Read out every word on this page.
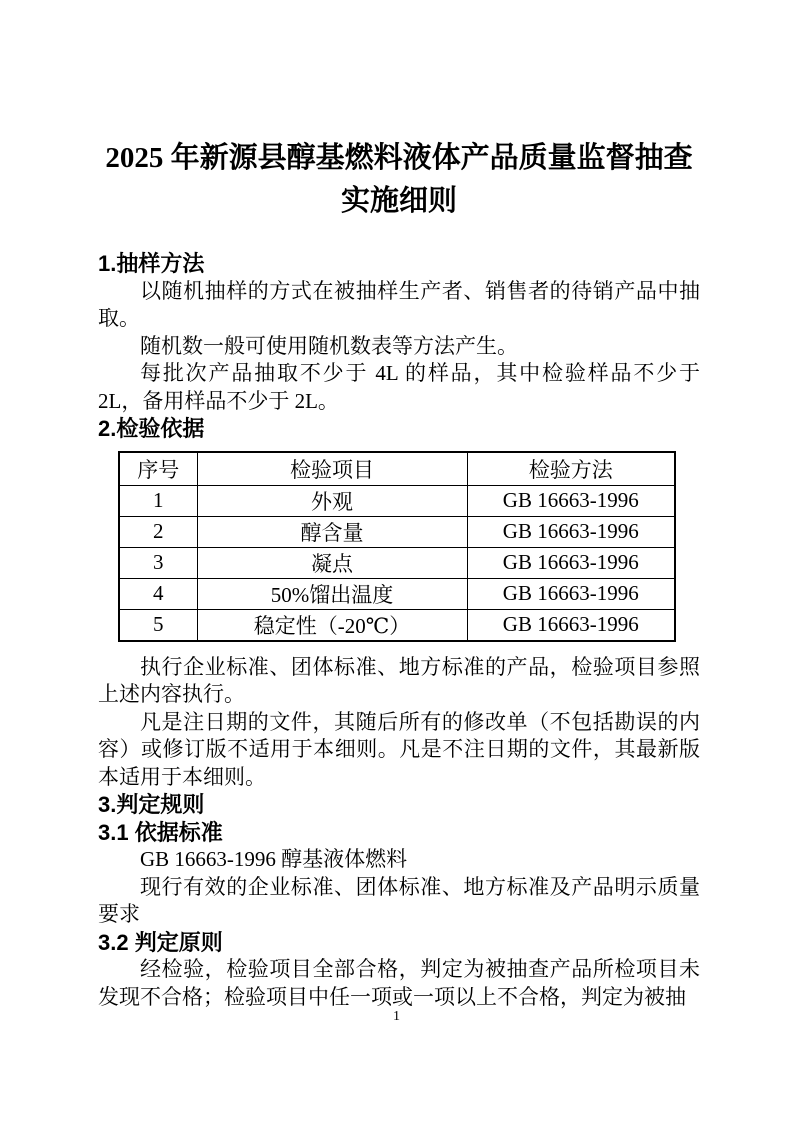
2025 年新源县醇基燃料液体产品质量监督抽查
实施细则
1.抽样方法

以随机抽样的方式在被抽样生产者、销售者的待销产品中抽取。

随机数一般可使用随机数表等方法产生。

每批次产品抽取不少于 4L 的样品，其中检验样品不少于 2L，备用样品不少于 2L。

2.检验依据
序号	检验项目	检验方法
1	外观	GB 16663-1996
2	醇含量	GB 16663-1996
3	凝点	GB 16663-1996
4	50%馏出温度	GB 16663-1996
5	稳定性（-20℃）	GB 16663-1996

执行企业标准、团体标准、地方标准的产品，检验项目参照上述内容执行。

凡是注日期的文件，其随后所有的修改单（不包括勘误的内容）或修订版不适用于本细则。凡是不注日期的文件，其最新版本适用于本细则。

3.判定规则
3.1 依据标准

GB 16663-1996 醇基液体燃料

现行有效的企业标准、团体标准、地方标准及产品明示质量要求

3.2 判定原则

经检验，检验项目全部合格，判定为被抽查产品所检项目未发现不合格；检验项目中任一项或一项以上不合格，判定为被抽

1
